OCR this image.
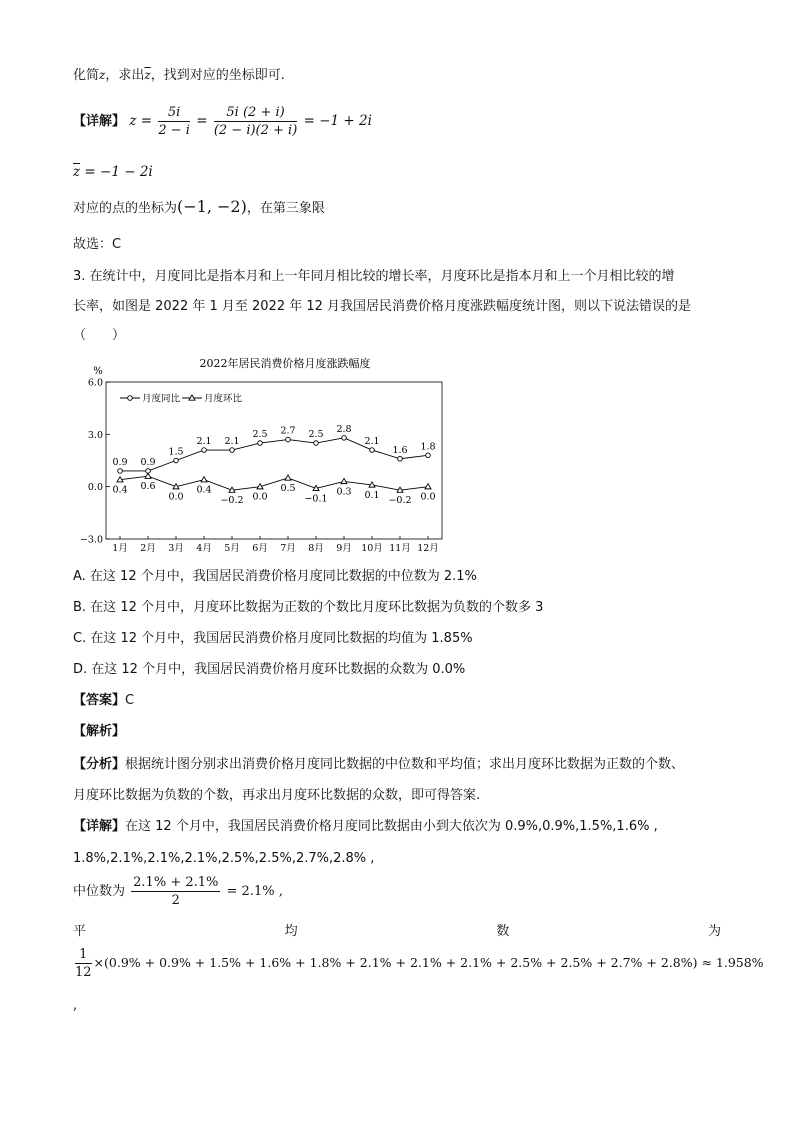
化简z，求出$\overline{z}$，找到对应的坐标即可.
【详解】 $z = \frac{5i}{2 - i} = \frac{5i (2 + i)}{(2 - i)(2 + i)} = -1 + 2i$
$\overline{z} = -1 - 2i$
对应的点的坐标为(−1, −2)，在第三象限
故选：C
3. 在统计中，月度同比是指本月和上一年同月相比较的增长率，月度环比是指本月和上一个月相比较的增
长率，如图是 2022 年 1 月至 2022 年 12 月我国居民消费价格月度涨跌幅度统计图，则以下说法错误的是
（　　）
2022年居民消费价格月度涨跌幅度
%
月度同比	月度环比
6.0
3.0
0.0
−3.0
1月 2月 3月 4月 5月 6月 7月 8月 9月 10月 11月 12月
0.9 0.9
1.5
2.1 2.1
2.5 2.7 2.5 2.8
2.1
1.6 1.8
0.4 0.6
0.0
0.4
−0.2 0.0
0.5
−0.1
0.3 0.1 −0.2 0.0
A. 在这 12 个月中，我国居民消费价格月度同比数据的中位数为 2.1%
B. 在这 12 个月中，月度环比数据为正数的个数比月度环比数据为负数的个数多 3
C. 在这 12 个月中，我国居民消费价格月度同比数据的均值为 1.85%
D. 在这 12 个月中，我国居民消费价格月度环比数据的众数为 0.0%
【答案】C
【解析】
【分析】根据统计图分别求出消费价格月度同比数据的中位数和平均值；求出月度环比数据为正数的个数、
月度环比数据为负数的个数，再求出月度环比数据的众数，即可得答案.
【详解】在这 12 个月中，我国居民消费价格月度同比数据由小到大依次为 0.9%,0.9%,1.5%,1.6% ,
1.8%,2.1%,2.1%,2.1%,2.5%,2.5%,2.7%,2.8% ,
中位数为 $\frac{2.1\% + 2.1\%}{2} = 2.1\%$ ,
平	均	数	为
$\frac{1}{12} \times(0.9\% + 0.9\% + 1.5\% + 1.6\% + 1.8\% + 2.1\% + 2.1\% + 2.1\% + 2.5\% + 2.5\% + 2.7\% + 2.8\%) \approx 1.958\%$
,
